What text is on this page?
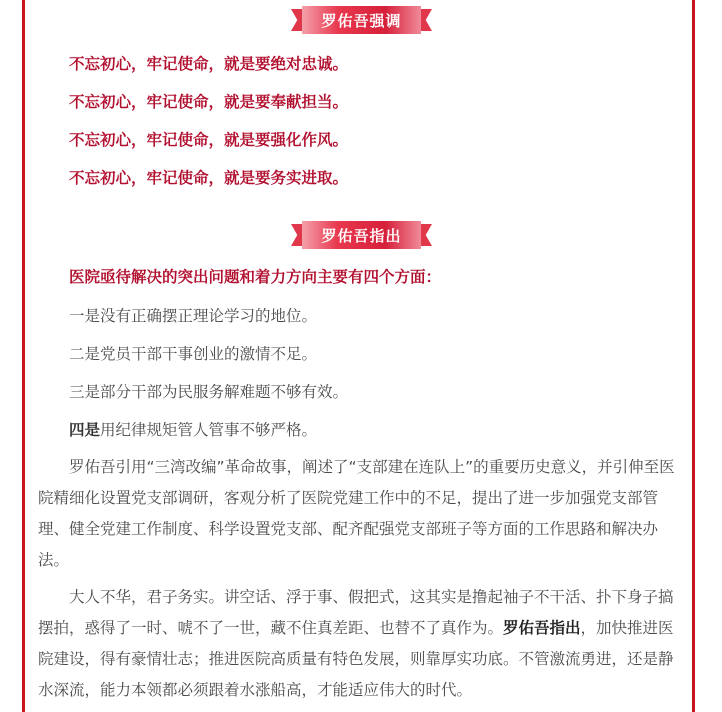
罗佑吾强调
不忘初心，牢记使命，就是要绝对忠诚。
不忘初心，牢记使命，就是要奉献担当。
不忘初心，牢记使命，就是要强化作风。
不忘初心，牢记使命，就是要务实进取。
罗佑吾指出
医院亟待解决的突出问题和着力方向主要有四个方面：
一是没有正确摆正理论学习的地位。
二是党员干部干事创业的激情不足。
三是部分干部为民服务解难题不够有效。
四是用纪律规矩管人管事不够严格。

罗佑吾引用“三湾改编”革命故事，阐述了“支部建在连队上”的重要历史意义，并引伸至医院精细化设置党支部调研，客观分析了医院党建工作中的不足，提出了进一步加强党支部管理、健全党建工作制度、科学设置党支部、配齐配强党支部班子等方面的工作思路和解决办法。

大人不华，君子务实。讲空话、浮于事、假把式，这其实是撸起袖子不干活、扑下身子搞摆拍，惑得了一时、唬不了一世，藏不住真差距、也替不了真作为。罗佑吾指出，加快推进医院建设，得有豪情壮志；推进医院高质量有特色发展，则靠厚实功底。不管激流勇进，还是静水深流，能力本领都必须跟着水涨船高，才能适应伟大的时代。
